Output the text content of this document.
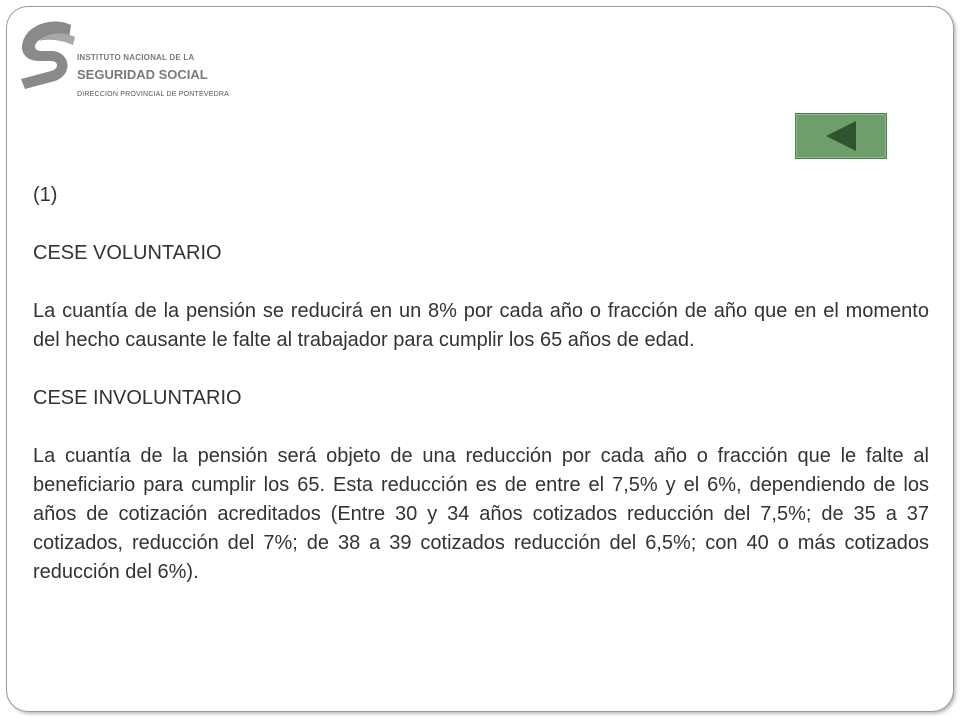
INSTITUTO NACIONAL DE LA
SEGURIDAD SOCIAL
DIRECCION PROVINCIAL DE PONTEVEDRA

(1)

CESE VOLUNTARIO

La cuantía de la pensión se reducirá en un 8% por cada año o fracción de año que en el momento del hecho causante le falte al trabajador para cumplir los 65 años de edad.

CESE INVOLUNTARIO

La cuantía de la pensión será objeto de una reducción por cada año o fracción que le falte al beneficiario para cumplir los 65. Esta reducción es de entre el 7,5% y el 6%, dependiendo de los años de cotización acreditados (Entre 30 y 34 años cotizados reducción del 7,5%; de 35 a 37 cotizados, reducción del 7%; de 38 a 39 cotizados reducción del 6,5%; con 40 o más cotizados reducción del 6%).
